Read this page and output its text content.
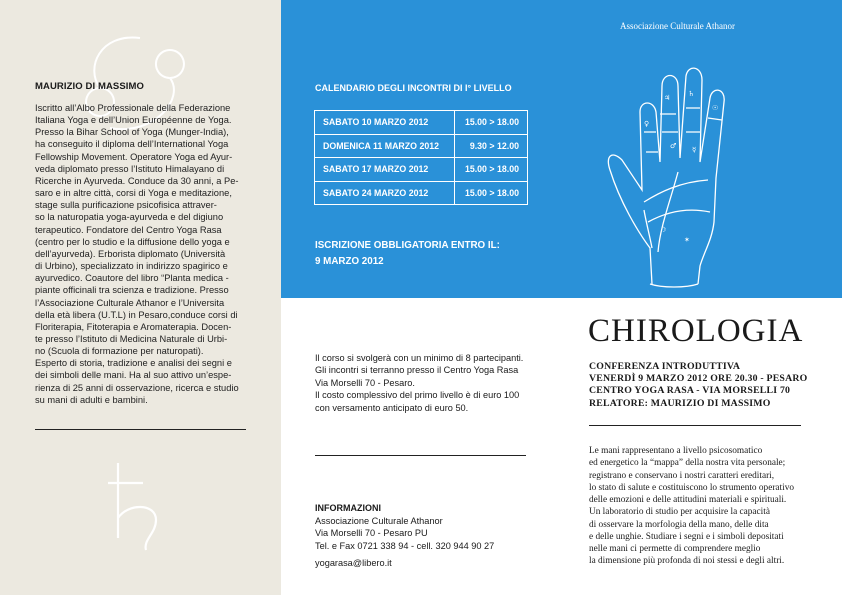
MAURIZIO DI MASSIMO
Iscritto all’Albo Professionale della Federazione
Italiana Yoga e dell’Union Européenne de Yoga.
Presso la Bihar School of Yoga (Munger-India),
ha conseguito il diploma dell’International Yoga
Fellowship Movement. Operatore Yoga ed Ayur-
veda diplomato presso l’Istituto Himalayano di
Ricerche in Ayurveda. Conduce da 30 anni, a Pe-
saro e in altre città, corsi di Yoga e meditazione,
stage sulla purificazione psicofisica attraver-
so la naturopatia yoga-ayurveda e del digiuno
terapeutico. Fondatore del Centro Yoga Rasa
(centro per lo studio e la diffusione dello yoga e
dell’ayurveda). Erborista diplomato (Università
di Urbino), specializzato in indirizzo spagirico e
ayurvedico. Coautore del libro “Planta medica -
piante officinali tra scienza e tradizione. Presso
l’Associazione Culturale Athanor e l’Universita
della età libera (U.T.L) in Pesaro,conduce corsi di
Floriterapia, Fitoterapia e Aromaterapia. Docen-
te presso l’Istituto di Medicina Naturale di Urbi-
no (Scuola di formazione per naturopati).
Esperto di storia, tradizione e analisi dei segni e
dei simboli delle mani. Ha al suo attivo un’espe-
rienza di 25 anni di osservazione, ricerca e studio
su mani di adulti e bambini.
CALENDARIO DEGLI INCONTRI DI I° LIVELLO
SABATO 10 MARZO 2012	15.00 > 18.00
DOMENICA 11 MARZO 2012	9.30 > 12.00
SABATO 17 MARZO 2012	15.00 > 18.00
SABATO 24 MARZO 2012	15.00 > 18.00
ISCRIZIONE OBBLIGATORIA ENTRO IL:
9 MARZO 2012
Associazione Culturale Athanor
♃	♄
☉
♀
♂ ☿
☽
✶
Il corso si svolgerà con un minimo di 8 partecipanti.
Gli incontri si terranno presso il Centro Yoga Rasa
Via Morselli 70 - Pesaro.
Il costo complessivo del primo livello è di euro 100
con versamento anticipato di euro 50.
INFORMAZIONI
Associazione Culturale Athanor
Via Morselli 70 - Pesaro PU
Tel. e Fax 0721 338 94 - cell. 320 944 90 27
yogarasa@libero.it
CHIROLOGIA
CONFERENZA INTRODUTTIVA
VENERDÌ 9 MARZO 2012 ORE 20.30 - PESARO
CENTRO YOGA RASA - VIA MORSELLI 70
RELATORE: MAURIZIO DI MASSIMO
Le mani rappresentano a livello psicosomatico
ed energetico la “mappa” della nostra vita personale;
registrano e conservano i nostri caratteri ereditari,
lo stato di salute e costituiscono lo strumento operativo
delle emozioni e delle attitudini materiali e spirituali.
Un laboratorio di studio per acquisire la capacità
di osservare la morfologia della mano, delle dita
e delle unghie. Studiare i segni e i simboli depositati
nelle mani ci permette di comprendere meglio
la dimensione più profonda di noi stessi e degli altri.
